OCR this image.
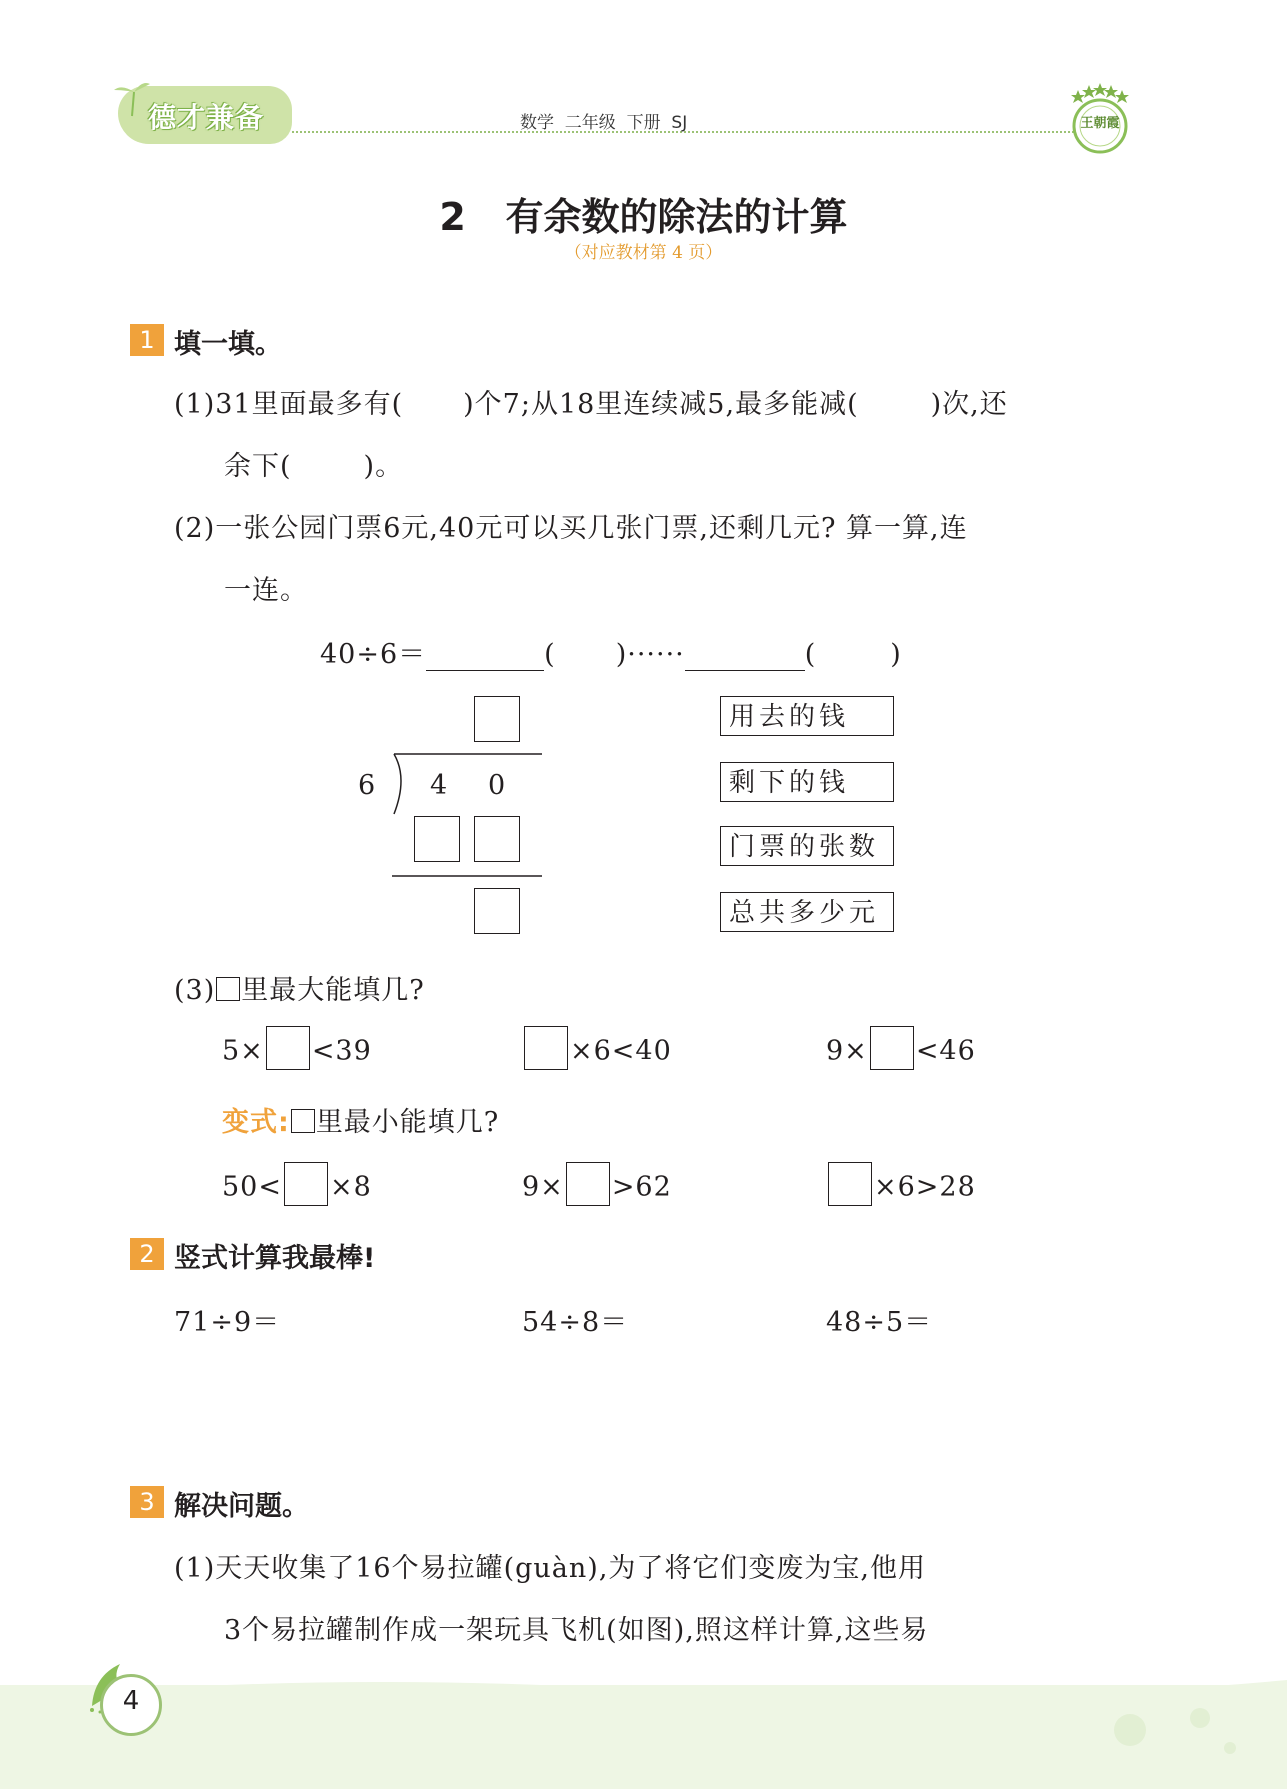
德才兼备	数学  二年级  下册  SJ	王朝霞
2   有余数的除法的计算
（对应教材第 4 页）
1 填一填。
(1)31里面最多有( )个7;从18里连续减5,最多能减(	)次,还
余下(	)。
(2)一张公园门票6元,40元可以买几张门票,还剩几元? 算一算,连
一连。
40÷6＝	( )······	(	)
6 4 0
用去的钱
剩下的钱
门票的张数
总共多少元
(3) 里最大能填几?
5× <39	×6<40	9× <46
变式: 里最小能填几?
50< ×8	9× >62	×6>28
2 竖式计算我最棒!
71÷9＝	54÷8＝	48÷5＝
3 解决问题。
(1)天天收集了16个易拉罐(guàn),为了将它们变废为宝,他用
3个易拉罐制作成一架玩具飞机(如图),照这样计算,这些易
4
